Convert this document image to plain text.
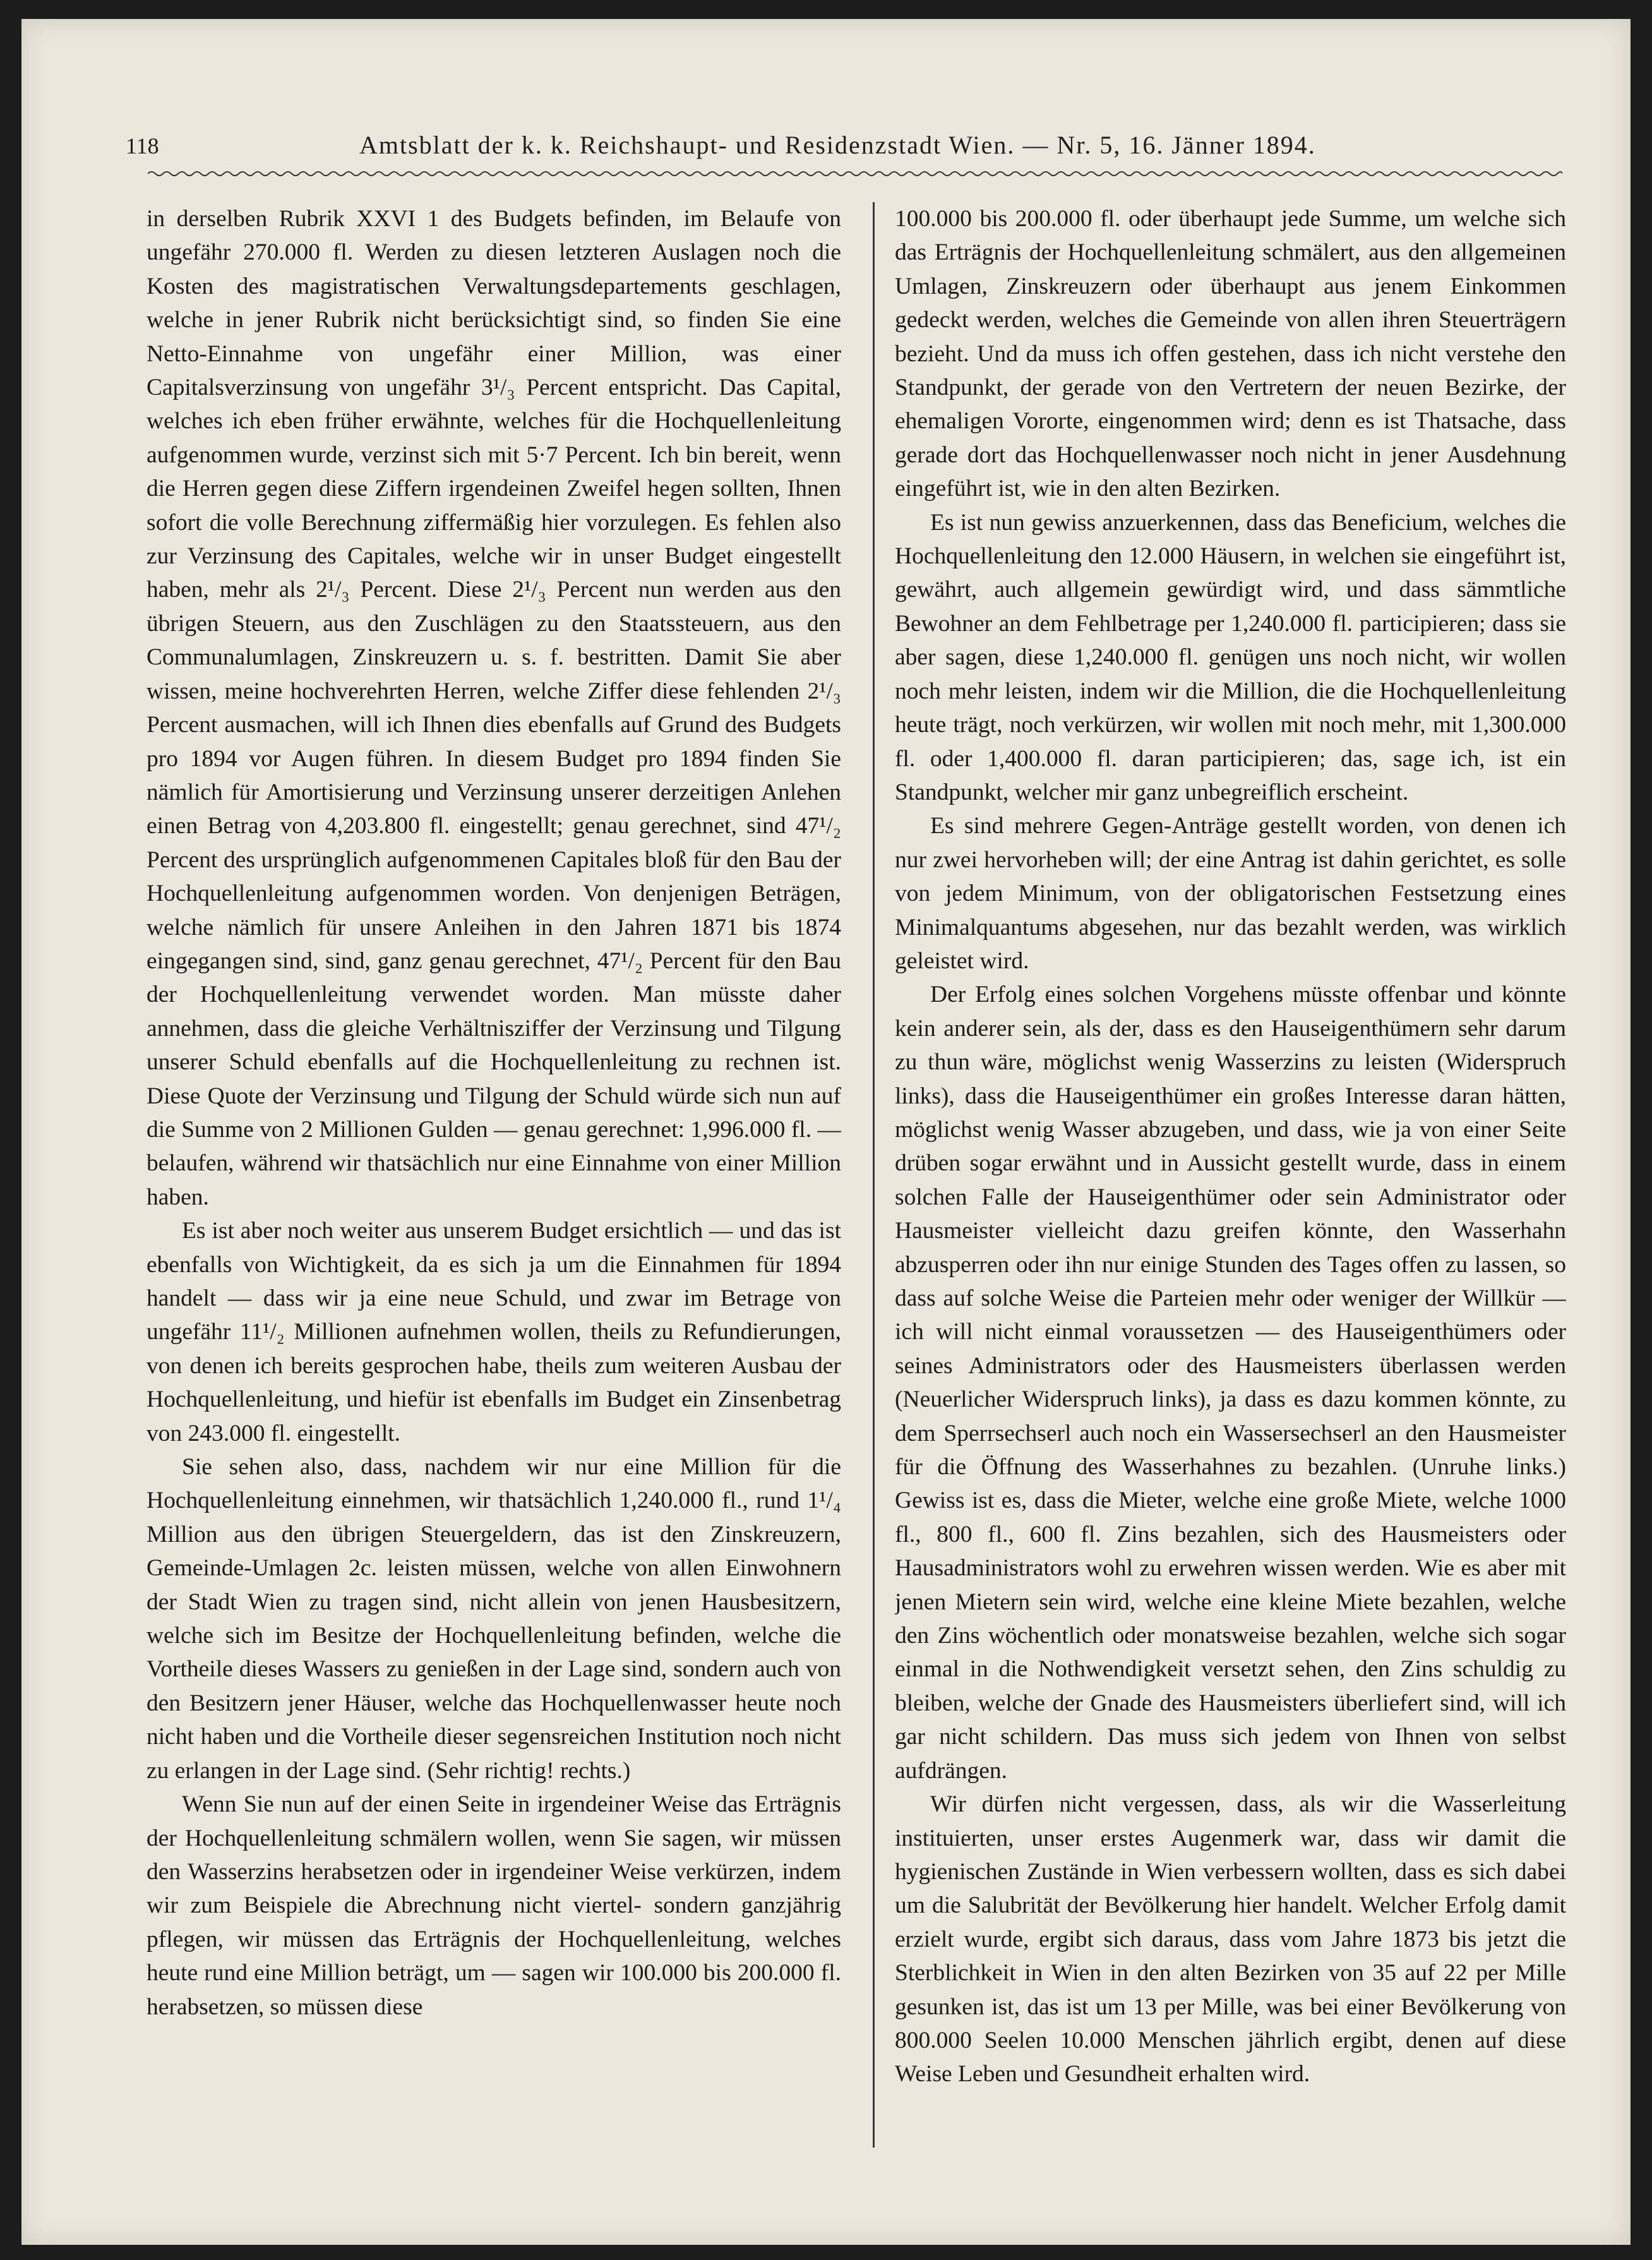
118	Amtsblatt der k. k. Reichshaupt- und Residenzstadt Wien. — Nr. 5, 16. Jänner 1894.

in derselben Rubrik XXVI 1 des Budgets befinden, im Belaufe von ungefähr 270.000 fl. Werden zu diesen letzteren Auslagen noch die Kosten des magistratischen Verwaltungsdepartements geschlagen, welche in jener Rubrik nicht berücksichtigt sind, so finden Sie eine Netto-Einnahme von ungefähr einer Million, was einer Capitalsverzinsung von ungefähr 3¹/₃ Percent entspricht. Das Capital, welches ich eben früher erwähnte, welches für die Hochquellenleitung aufgenommen wurde, verzinst sich mit 5·7 Percent. Ich bin bereit, wenn die Herren gegen diese Ziffern irgendeinen Zweifel hegen sollten, Ihnen sofort die volle Berechnung ziffermäßig hier vorzulegen. Es fehlen also zur Verzinsung des Capitales, welche wir in unser Budget eingestellt haben, mehr als 2¹/₃ Percent. Diese 2¹/₃ Percent nun werden aus den übrigen Steuern, aus den Zuschlägen zu den Staatssteuern, aus den Communalumlagen, Zinskreuzern u. s. f. bestritten. Damit Sie aber wissen, meine hochverehrten Herren, welche Ziffer diese fehlenden 2¹/₃ Percent ausmachen, will ich Ihnen dies ebenfalls auf Grund des Budgets pro 1894 vor Augen führen. In diesem Budget pro 1894 finden Sie nämlich für Amortisierung und Verzinsung unserer derzeitigen Anlehen einen Betrag von 4,203.800 fl. eingestellt; genau gerechnet, sind 47¹/₂ Percent des ursprünglich aufgenommenen Capitales bloß für den Bau der Hochquellenleitung aufgenommen worden. Von denjenigen Beträgen, welche nämlich für unsere Anleihen in den Jahren 1871 bis 1874 eingegangen sind, sind, ganz genau gerechnet, 47¹/₂ Percent für den Bau der Hochquellenleitung verwendet worden. Man müsste daher annehmen, dass die gleiche Verhältnisziffer der Verzinsung und Tilgung unserer Schuld ebenfalls auf die Hochquellenleitung zu rechnen ist. Diese Quote der Verzinsung und Tilgung der Schuld würde sich nun auf die Summe von 2 Millionen Gulden — genau gerechnet: 1,996.000 fl. — belaufen, während wir thatsächlich nur eine Einnahme von einer Million haben.

Es ist aber noch weiter aus unserem Budget ersichtlich — und das ist ebenfalls von Wichtigkeit, da es sich ja um die Einnahmen für 1894 handelt — dass wir ja eine neue Schuld, und zwar im Betrage von ungefähr 11¹/₂ Millionen aufnehmen wollen, theils zu Refundierungen, von denen ich bereits gesprochen habe, theils zum weiteren Ausbau der Hochquellenleitung, und hiefür ist ebenfalls im Budget ein Zinsenbetrag von 243.000 fl. eingestellt.

Sie sehen also, dass, nachdem wir nur eine Million für die Hochquellenleitung einnehmen, wir thatsächlich 1,240.000 fl., rund 1¹/₄ Million aus den übrigen Steuergeldern, das ist den Zinskreuzern, Gemeinde-Umlagen 2c. leisten müssen, welche von allen Einwohnern der Stadt Wien zu tragen sind, nicht allein von jenen Hausbesitzern, welche sich im Besitze der Hochquellenleitung befinden, welche die Vortheile dieses Wassers zu genießen in der Lage sind, sondern auch von den Besitzern jener Häuser, welche das Hochquellenwasser heute noch nicht haben und die Vortheile dieser segensreichen Institution noch nicht zu erlangen in der Lage sind. (Sehr richtig! rechts.)

Wenn Sie nun auf der einen Seite in irgendeiner Weise das Erträgnis der Hochquellenleitung schmälern wollen, wenn Sie sagen, wir müssen den Wasserzins herabsetzen oder in irgendeiner Weise verkürzen, indem wir zum Beispiele die Abrechnung nicht viertel- sondern ganzjährig pflegen, wir müssen das Erträgnis der Hochquellenleitung, welches heute rund eine Million beträgt, um — sagen wir 100.000 bis 200.000 fl. herabsetzen, so müssen diese

100.000 bis 200.000 fl. oder überhaupt jede Summe, um welche sich das Erträgnis der Hochquellenleitung schmälert, aus den allgemeinen Umlagen, Zinskreuzern oder überhaupt aus jenem Einkommen gedeckt werden, welches die Gemeinde von allen ihren Steuerträgern bezieht. Und da muss ich offen gestehen, dass ich nicht verstehe den Standpunkt, der gerade von den Vertretern der neuen Bezirke, der ehemaligen Vororte, eingenommen wird; denn es ist Thatsache, dass gerade dort das Hochquellenwasser noch nicht in jener Ausdehnung eingeführt ist, wie in den alten Bezirken.

Es ist nun gewiss anzuerkennen, dass das Beneficium, welches die Hochquellenleitung den 12.000 Häusern, in welchen sie eingeführt ist, gewährt, auch allgemein gewürdigt wird, und dass sämmtliche Bewohner an dem Fehlbetrage per 1,240.000 fl. participieren; dass sie aber sagen, diese 1,240.000 fl. genügen uns noch nicht, wir wollen noch mehr leisten, indem wir die Million, die die Hochquellenleitung heute trägt, noch verkürzen, wir wollen mit noch mehr, mit 1,300.000 fl. oder 1,400.000 fl. daran participieren; das, sage ich, ist ein Standpunkt, welcher mir ganz unbegreiflich erscheint.

Es sind mehrere Gegen-Anträge gestellt worden, von denen ich nur zwei hervorheben will; der eine Antrag ist dahin gerichtet, es solle von jedem Minimum, von der obligatorischen Festsetzung eines Minimalquantums abgesehen, nur das bezahlt werden, was wirklich geleistet wird.

Der Erfolg eines solchen Vorgehens müsste offenbar und könnte kein anderer sein, als der, dass es den Hauseigenthümern sehr darum zu thun wäre, möglichst wenig Wasserzins zu leisten (Widerspruch links), dass die Hauseigenthümer ein großes Interesse daran hätten, möglichst wenig Wasser abzugeben, und dass, wie ja von einer Seite drüben sogar erwähnt und in Aussicht gestellt wurde, dass in einem solchen Falle der Hauseigenthümer oder sein Administrator oder Hausmeister vielleicht dazu greifen könnte, den Wasserhahn abzusperren oder ihn nur einige Stunden des Tages offen zu lassen, so dass auf solche Weise die Parteien mehr oder weniger der Willkür — ich will nicht einmal voraussetzen — des Hauseigenthümers oder seines Administrators oder des Hausmeisters überlassen werden (Neuerlicher Widerspruch links), ja dass es dazu kommen könnte, zu dem Sperrsechserl auch noch ein Wassersechserl an den Hausmeister für die Öffnung des Wasserhahnes zu bezahlen. (Unruhe links.) Gewiss ist es, dass die Mieter, welche eine große Miete, welche 1000 fl., 800 fl., 600 fl. Zins bezahlen, sich des Hausmeisters oder Hausadministrators wohl zu erwehren wissen werden. Wie es aber mit jenen Mietern sein wird, welche eine kleine Miete bezahlen, welche den Zins wöchentlich oder monatsweise bezahlen, welche sich sogar einmal in die Nothwendigkeit versetzt sehen, den Zins schuldig zu bleiben, welche der Gnade des Hausmeisters überliefert sind, will ich gar nicht schildern. Das muss sich jedem von Ihnen von selbst aufdrängen.

Wir dürfen nicht vergessen, dass, als wir die Wasserleitung instituierten, unser erstes Augenmerk war, dass wir damit die hygienischen Zustände in Wien verbessern wollten, dass es sich dabei um die Salubrität der Bevölkerung hier handelt. Welcher Erfolg damit erzielt wurde, ergibt sich daraus, dass vom Jahre 1873 bis jetzt die Sterblichkeit in Wien in den alten Bezirken von 35 auf 22 per Mille gesunken ist, das ist um 13 per Mille, was bei einer Bevölkerung von 800.000 Seelen 10.000 Menschen jährlich ergibt, denen auf diese Weise Leben und Gesundheit erhalten wird.
